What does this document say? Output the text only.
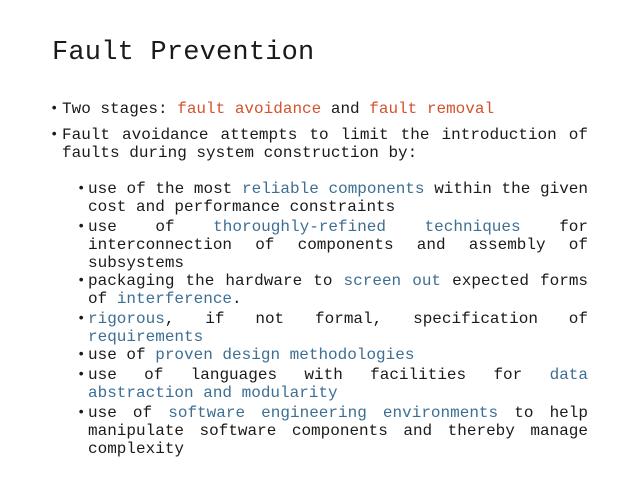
Fault Prevention
• Two stages: fault avoidance and fault removal
• Fault avoidance attempts to limit the introduction of faults during system construction by:
• use of the most reliable components within the given cost and performance constraints
• use of thoroughly-refined techniques for interconnection of components and assembly of subsystems
• packaging the hardware to screen out expected forms of interference.
• rigorous, if not formal, specification of requirements
• use of proven design methodologies
• use of languages with facilities for data abstraction and modularity
• use of software engineering environments to help manipulate software components and thereby manage complexity
